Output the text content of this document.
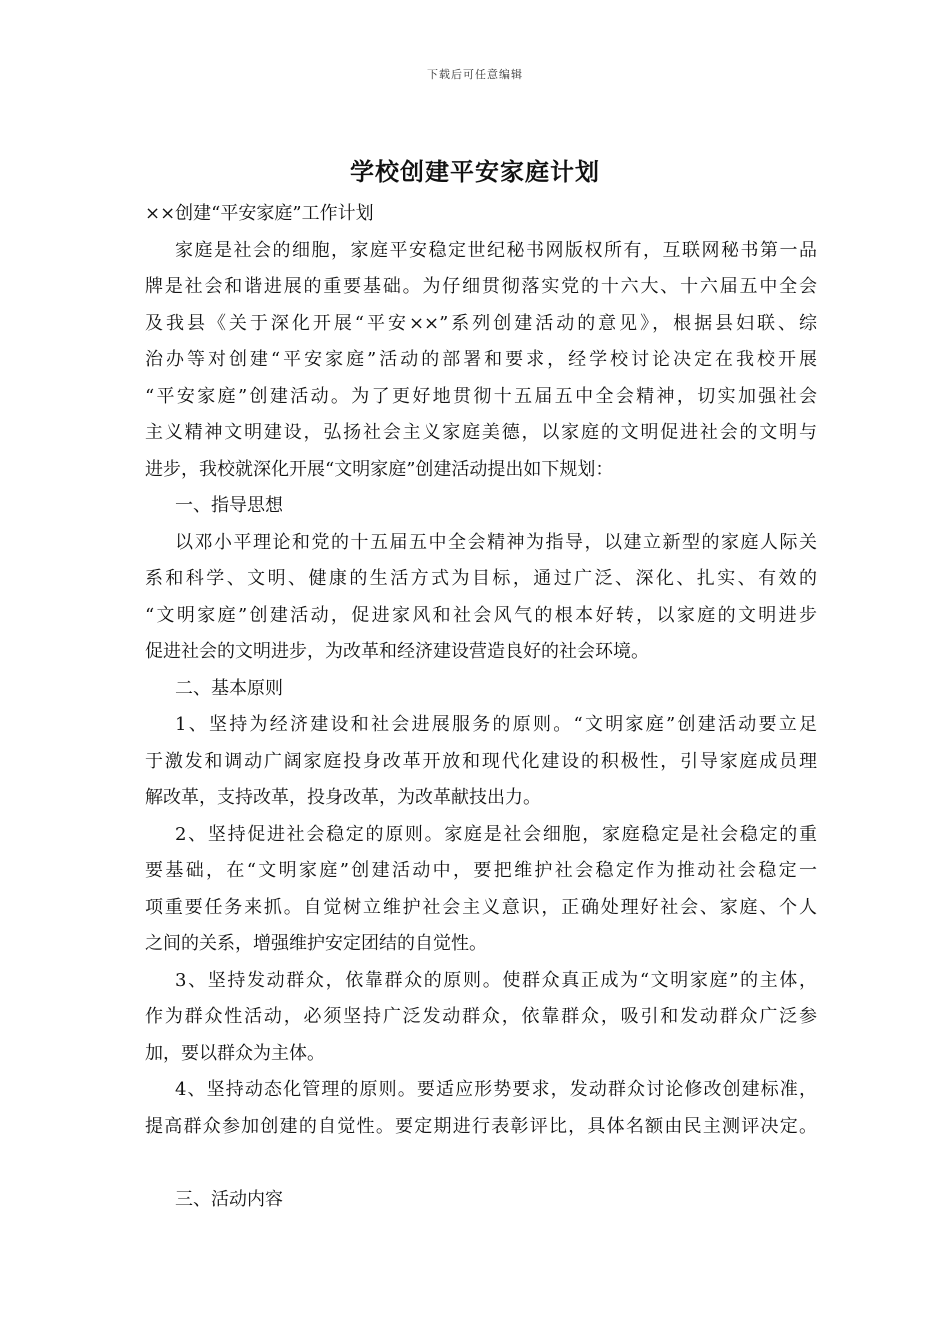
下载后可任意编辑
学校创建平安家庭计划
××创建“平安家庭”工作计划
家庭是社会的细胞，家庭平安稳定世纪秘书网版权所有，互联网秘书第一品
牌是社会和谐进展的重要基础。为仔细贯彻落实党的十六大、十六届五中全会
及我县《关于深化开展“平安××”系列创建活动的意见》，根据县妇联、综
治办等对创建“平安家庭”活动的部署和要求，经学校讨论决定在我校开展
“平安家庭”创建活动。为了更好地贯彻十五届五中全会精神，切实加强社会
主义精神文明建设，弘扬社会主义家庭美德，以家庭的文明促进社会的文明与
进步，我校就深化开展“文明家庭”创建活动提出如下规划：
一、指导思想
以邓小平理论和党的十五届五中全会精神为指导，以建立新型的家庭人际关
系和科学、文明、健康的生活方式为目标，通过广泛、深化、扎实、有效的
“文明家庭”创建活动，促进家风和社会风气的根本好转，以家庭的文明进步
促进社会的文明进步，为改革和经济建设营造良好的社会环境。
二、基本原则
1、坚持为经济建设和社会进展服务的原则。“文明家庭”创建活动要立足
于激发和调动广阔家庭投身改革开放和现代化建设的积极性，引导家庭成员理
解改革，支持改革，投身改革，为改革献技出力。
2、坚持促进社会稳定的原则。家庭是社会细胞，家庭稳定是社会稳定的重
要基础，在“文明家庭”创建活动中，要把维护社会稳定作为推动社会稳定一
项重要任务来抓。自觉树立维护社会主义意识，正确处理好社会、家庭、个人
之间的关系，增强维护安定团结的自觉性。
3、坚持发动群众，依靠群众的原则。使群众真正成为“文明家庭”的主体，
作为群众性活动，必须坚持广泛发动群众，依靠群众，吸引和发动群众广泛参
加，要以群众为主体。
4、坚持动态化管理的原则。要适应形势要求，发动群众讨论修改创建标准，
提高群众参加创建的自觉性。要定期进行表彰评比，具体名额由民主测评决定。
三、活动内容
